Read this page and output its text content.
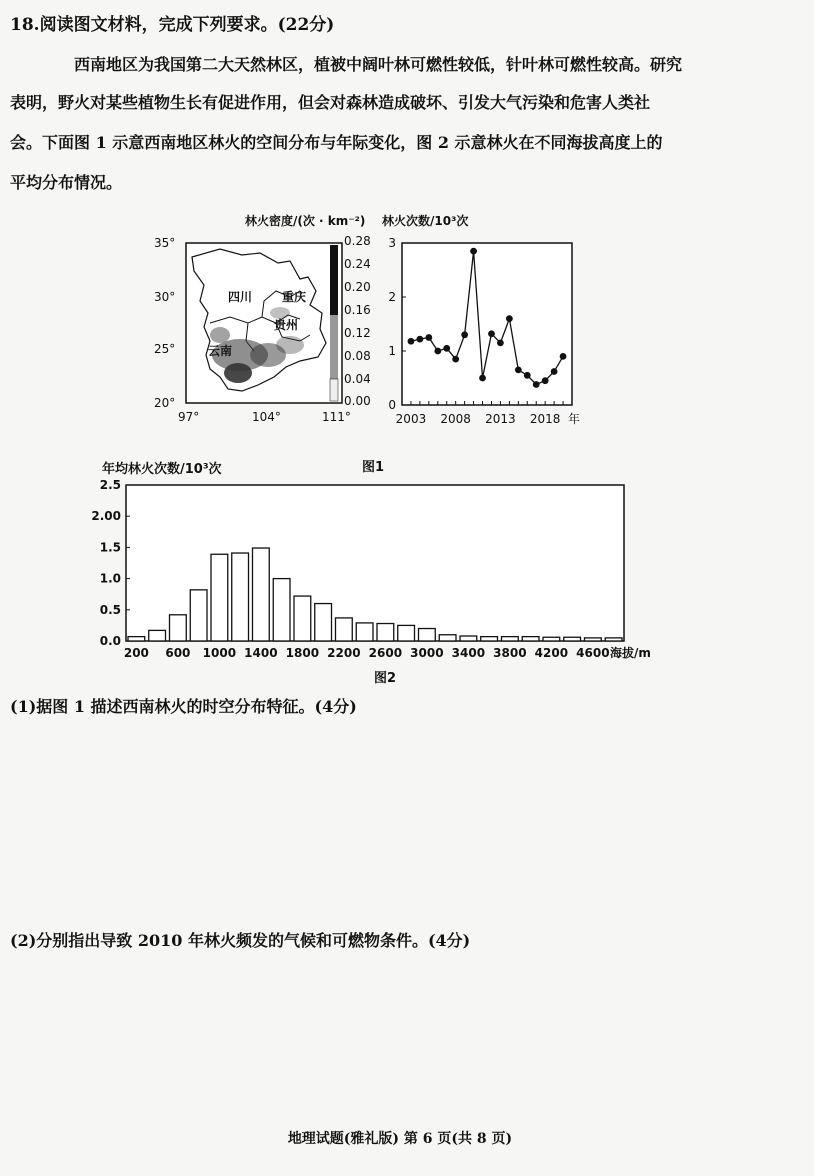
18.阅读图文材料，完成下列要求。(22分)
西南地区为我国第二大天然林区，植被中阔叶林可燃性较低，针叶林可燃性较高。研究
表明，野火对某些植物生长有促进作用，但会对森林造成破坏、引发大气污染和危害人类社
会。下面图 1 示意西南地区林火的空间分布与年际变化，图 2 示意林火在不同海拔高度上的
平均分布情况。
林火密度/(次 · km⁻²)
35°
30°
25°
20°
97°	104°	111°
0.28
0.24
0.20
0.16
0.12
0.08
0.04
0.00
四川 重庆
贵州
云南
林火次数/10³次
0
1
2
3
2003 2008 2013 2018 年
图1
年均林火次数/10³次
0.0
0.5
1.0
1.5
2.00
2.5
200 600 1000 1400 1800 2200 2600 3000 3400 3800 4200 4600 海拔/m
图2
(1)据图 1 描述西南林火的时空分布特征。(4分)
(2)分别指出导致 2010 年林火频发的气候和可燃物条件。(4分)
地理试题(雅礼版) 第 6 页(共 8 页)
